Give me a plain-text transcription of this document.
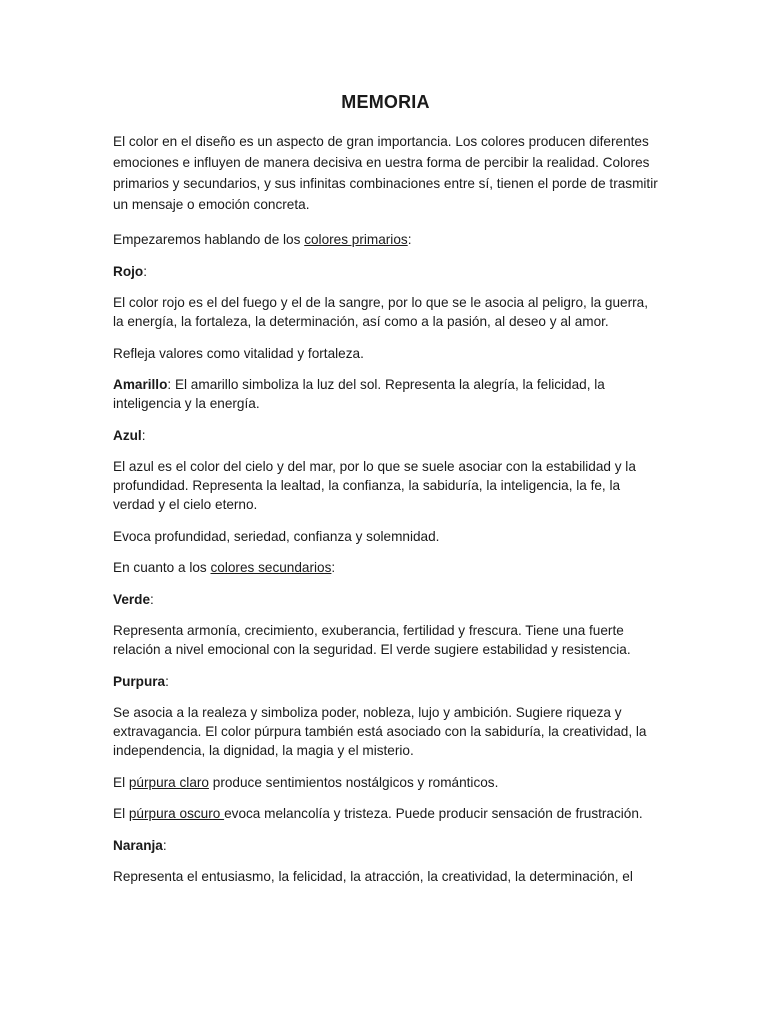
MEMORIA

El color en el diseño es un aspecto de gran importancia. Los colores producen diferentes emociones e influyen de manera decisiva en uestra forma de percibir la realidad. Colores primarios y secundarios, y sus infinitas combinaciones entre sí, tienen el porde de trasmitir un mensaje o emoción concreta.

Empezaremos hablando de los colores primarios:

Rojo:

El color rojo es el del fuego y el de la sangre, por lo que se le asocia al peligro, la guerra, la energía, la fortaleza, la determinación, así como a la pasión, al deseo y al amor.

Refleja valores como vitalidad y fortaleza.

Amarillo: El amarillo simboliza la luz del sol. Representa la alegría, la felicidad, la inteligencia y la energía.

Azul:

El azul es el color del cielo y del mar, por lo que se suele asociar con la estabilidad y la profundidad. Representa la lealtad, la confianza, la sabiduría, la inteligencia, la fe, la verdad y el cielo eterno.

Evoca profundidad, seriedad, confianza y solemnidad.

En cuanto a los colores secundarios:

Verde:

Representa armonía, crecimiento, exuberancia, fertilidad y frescura. Tiene una fuerte relación a nivel emocional con la seguridad. El verde sugiere estabilidad y resistencia.

Purpura:

Se asocia a la realeza y simboliza poder, nobleza, lujo y ambición. Sugiere riqueza y extravagancia. El color púrpura también está asociado con la sabiduría, la creatividad, la independencia, la dignidad, la magia y el misterio.

El púrpura claro produce sentimientos nostálgicos y románticos.

El púrpura oscuro evoca melancolía y tristeza. Puede producir sensación de frustración.

Naranja:

Representa el entusiasmo, la felicidad, la atracción, la creatividad, la determinación, el
